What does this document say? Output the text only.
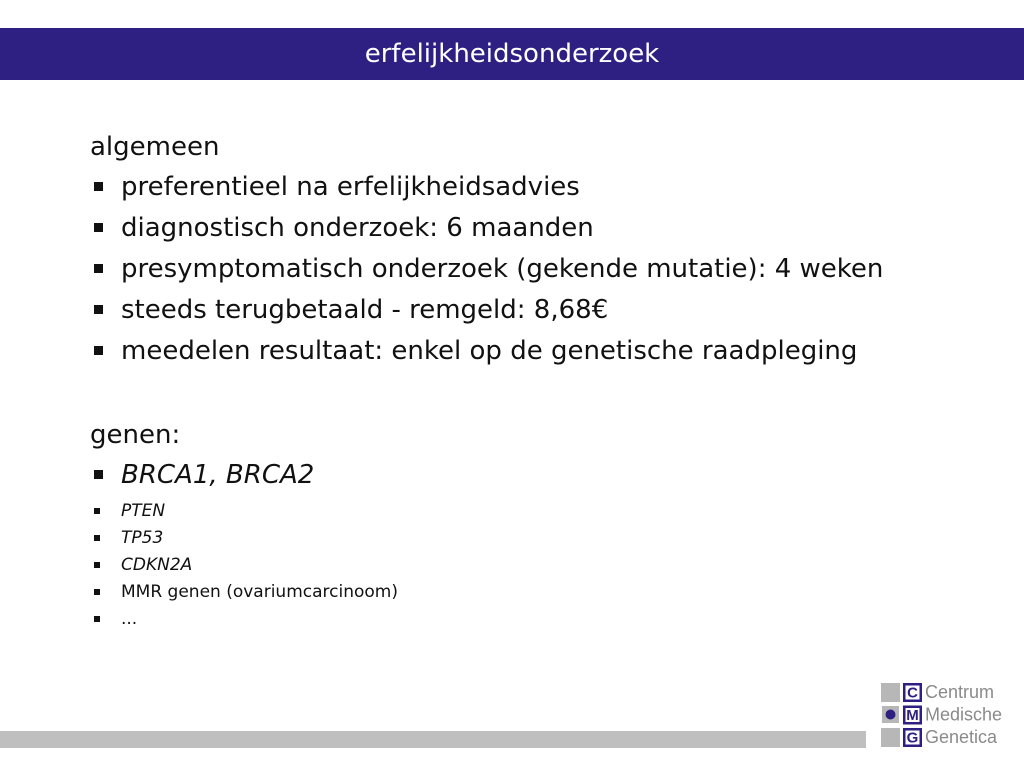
erfelijkheidsonderzoek

algemeen

preferentieel na erfelijkheidsadvies
diagnostisch onderzoek: 6 maanden
presymptomatisch onderzoek (gekende mutatie): 4 weken
steeds terugbetaald - remgeld: 8,68€
meedelen resultaat: enkel op de genetische raadpleging

genen:

BRCA1, BRCA2
PTEN
TP53
CDKN2A
MMR genen (ovariumcarcinoom)
...
C
M
G
Centrum
Medische
Genetica
